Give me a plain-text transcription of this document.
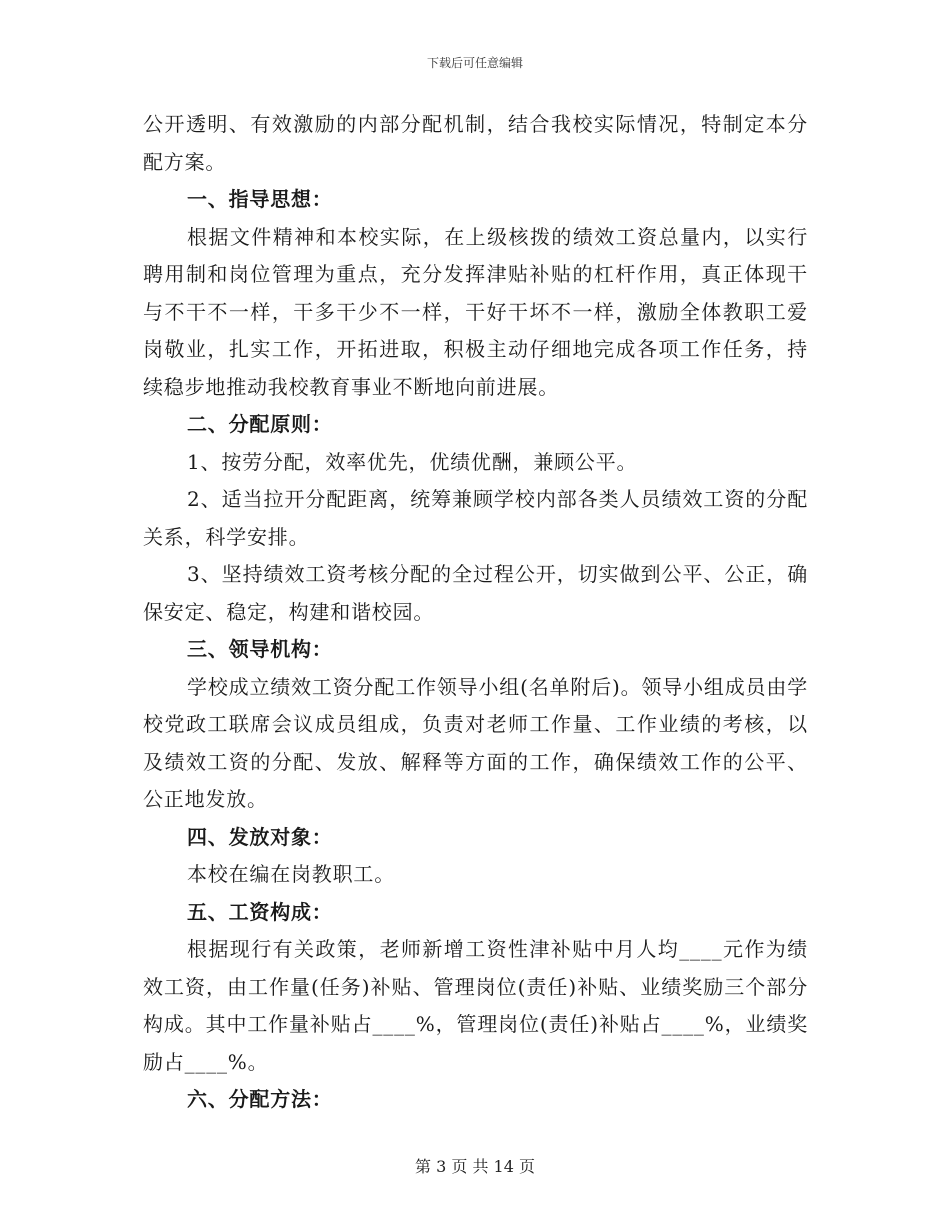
下载后可任意编辑

公开透明、有效激励的内部分配机制，结合我校实际情况，特制定本分配方案。

一、指导思想：

根据文件精神和本校实际，在上级核拨的绩效工资总量内，以实行聘用制和岗位管理为重点，充分发挥津贴补贴的杠杆作用，真正体现干与不干不一样，干多干少不一样，干好干坏不一样，激励全体教职工爱岗敬业，扎实工作，开拓进取，积极主动仔细地完成各项工作任务，持续稳步地推动我校教育事业不断地向前进展。

二、分配原则：

1、按劳分配，效率优先，优绩优酬，兼顾公平。

2、适当拉开分配距离，统筹兼顾学校内部各类人员绩效工资的分配关系，科学安排。

3、坚持绩效工资考核分配的全过程公开，切实做到公平、公正，确保安定、稳定，构建和谐校园。

三、领导机构：

学校成立绩效工资分配工作领导小组(名单附后)。领导小组成员由学校党政工联席会议成员组成，负责对老师工作量、工作业绩的考核，以及绩效工资的分配、发放、解释等方面的工作，确保绩效工作的公平、公正地发放。

四、发放对象：

本校在编在岗教职工。

五、工资构成：

根据现行有关政策，老师新增工资性津补贴中月人均____元作为绩效工资，由工作量(任务)补贴、管理岗位(责任)补贴、业绩奖励三个部分构成。其中工作量补贴占____%，管理岗位(责任)补贴占____%，业绩奖励占____%。

六、分配方法：

第 3 页 共 14 页
